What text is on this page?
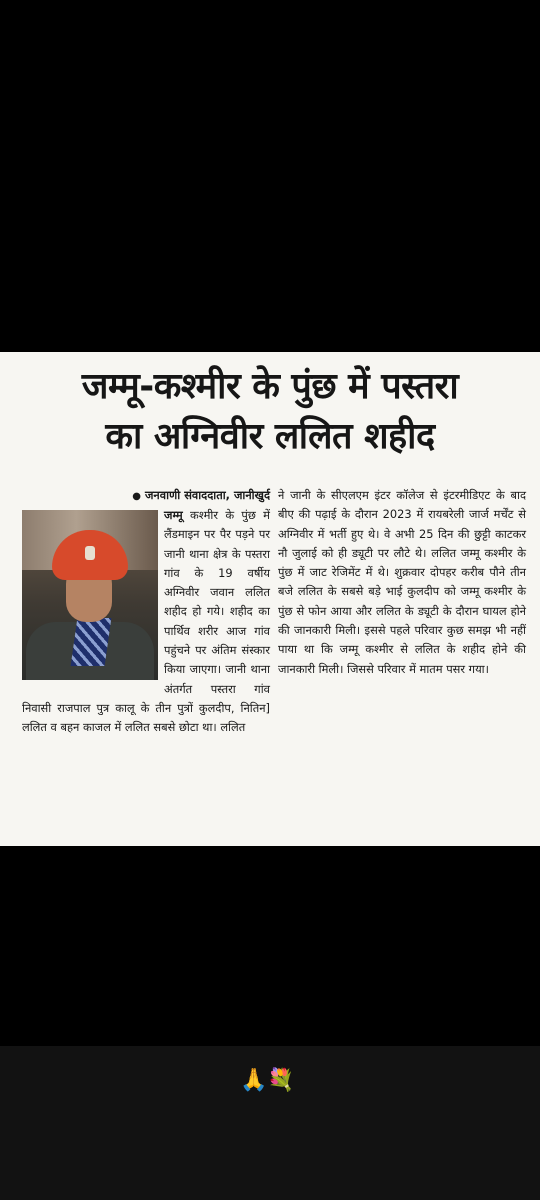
जम्मू-कश्मीर के पुंछ में पस्तरा
का अग्निवीर ललित शहीद

● जनवाणी संवाददाता, जानीखुर्द

जम्मू कश्मीर के पुंछ में लैंडमाइन पर पैर पड़ने पर जानी थाना क्षेत्र के पस्तरा गांव के 19 वर्षीय अग्निवीर जवान ललित शहीद हो गये। शहीद का पार्थिव शरीर आज गांव पहुंचने पर अंतिम संस्कार किया जाएगा। जानी थाना अंतर्गत पस्तरा गांव निवासी राजपाल पुत्र कालू के तीन पुत्रों कुलदीप, नितिन] ललित व बहन काजल में ललित सबसे छोटा था। ललित

ने जानी के सीएलएम इंटर कॉलेज से इंटरमीडिएट के बाद बीए की पढ़ाई के दौरान 2023 में रायबरेली जार्ज मर्चेंट से अग्निवीर में भर्ती हुए थे। वे अभी 25 दिन की छुट्टी काटकर नौ जुलाई को ही ड्यूटी पर लौटे थे। ललित जम्मू कश्मीर के पुंछ में जाट रेजिमेंट में थे। शुक्रवार दोपहर करीब पौने तीन बजे ललित के सबसे बड़े भाई कुलदीप को जम्मू कश्मीर के पुंछ से फोन आया और ललित के ड्यूटी के दौरान घायल होने की जानकारी मिली। इससे पहले परिवार कुछ समझ भी नहीं पाया था कि जम्मू कश्मीर से ललित के शहीद होने की जानकारी मिली। जिससे परिवार में मातम पसर गया।

🙏💐
